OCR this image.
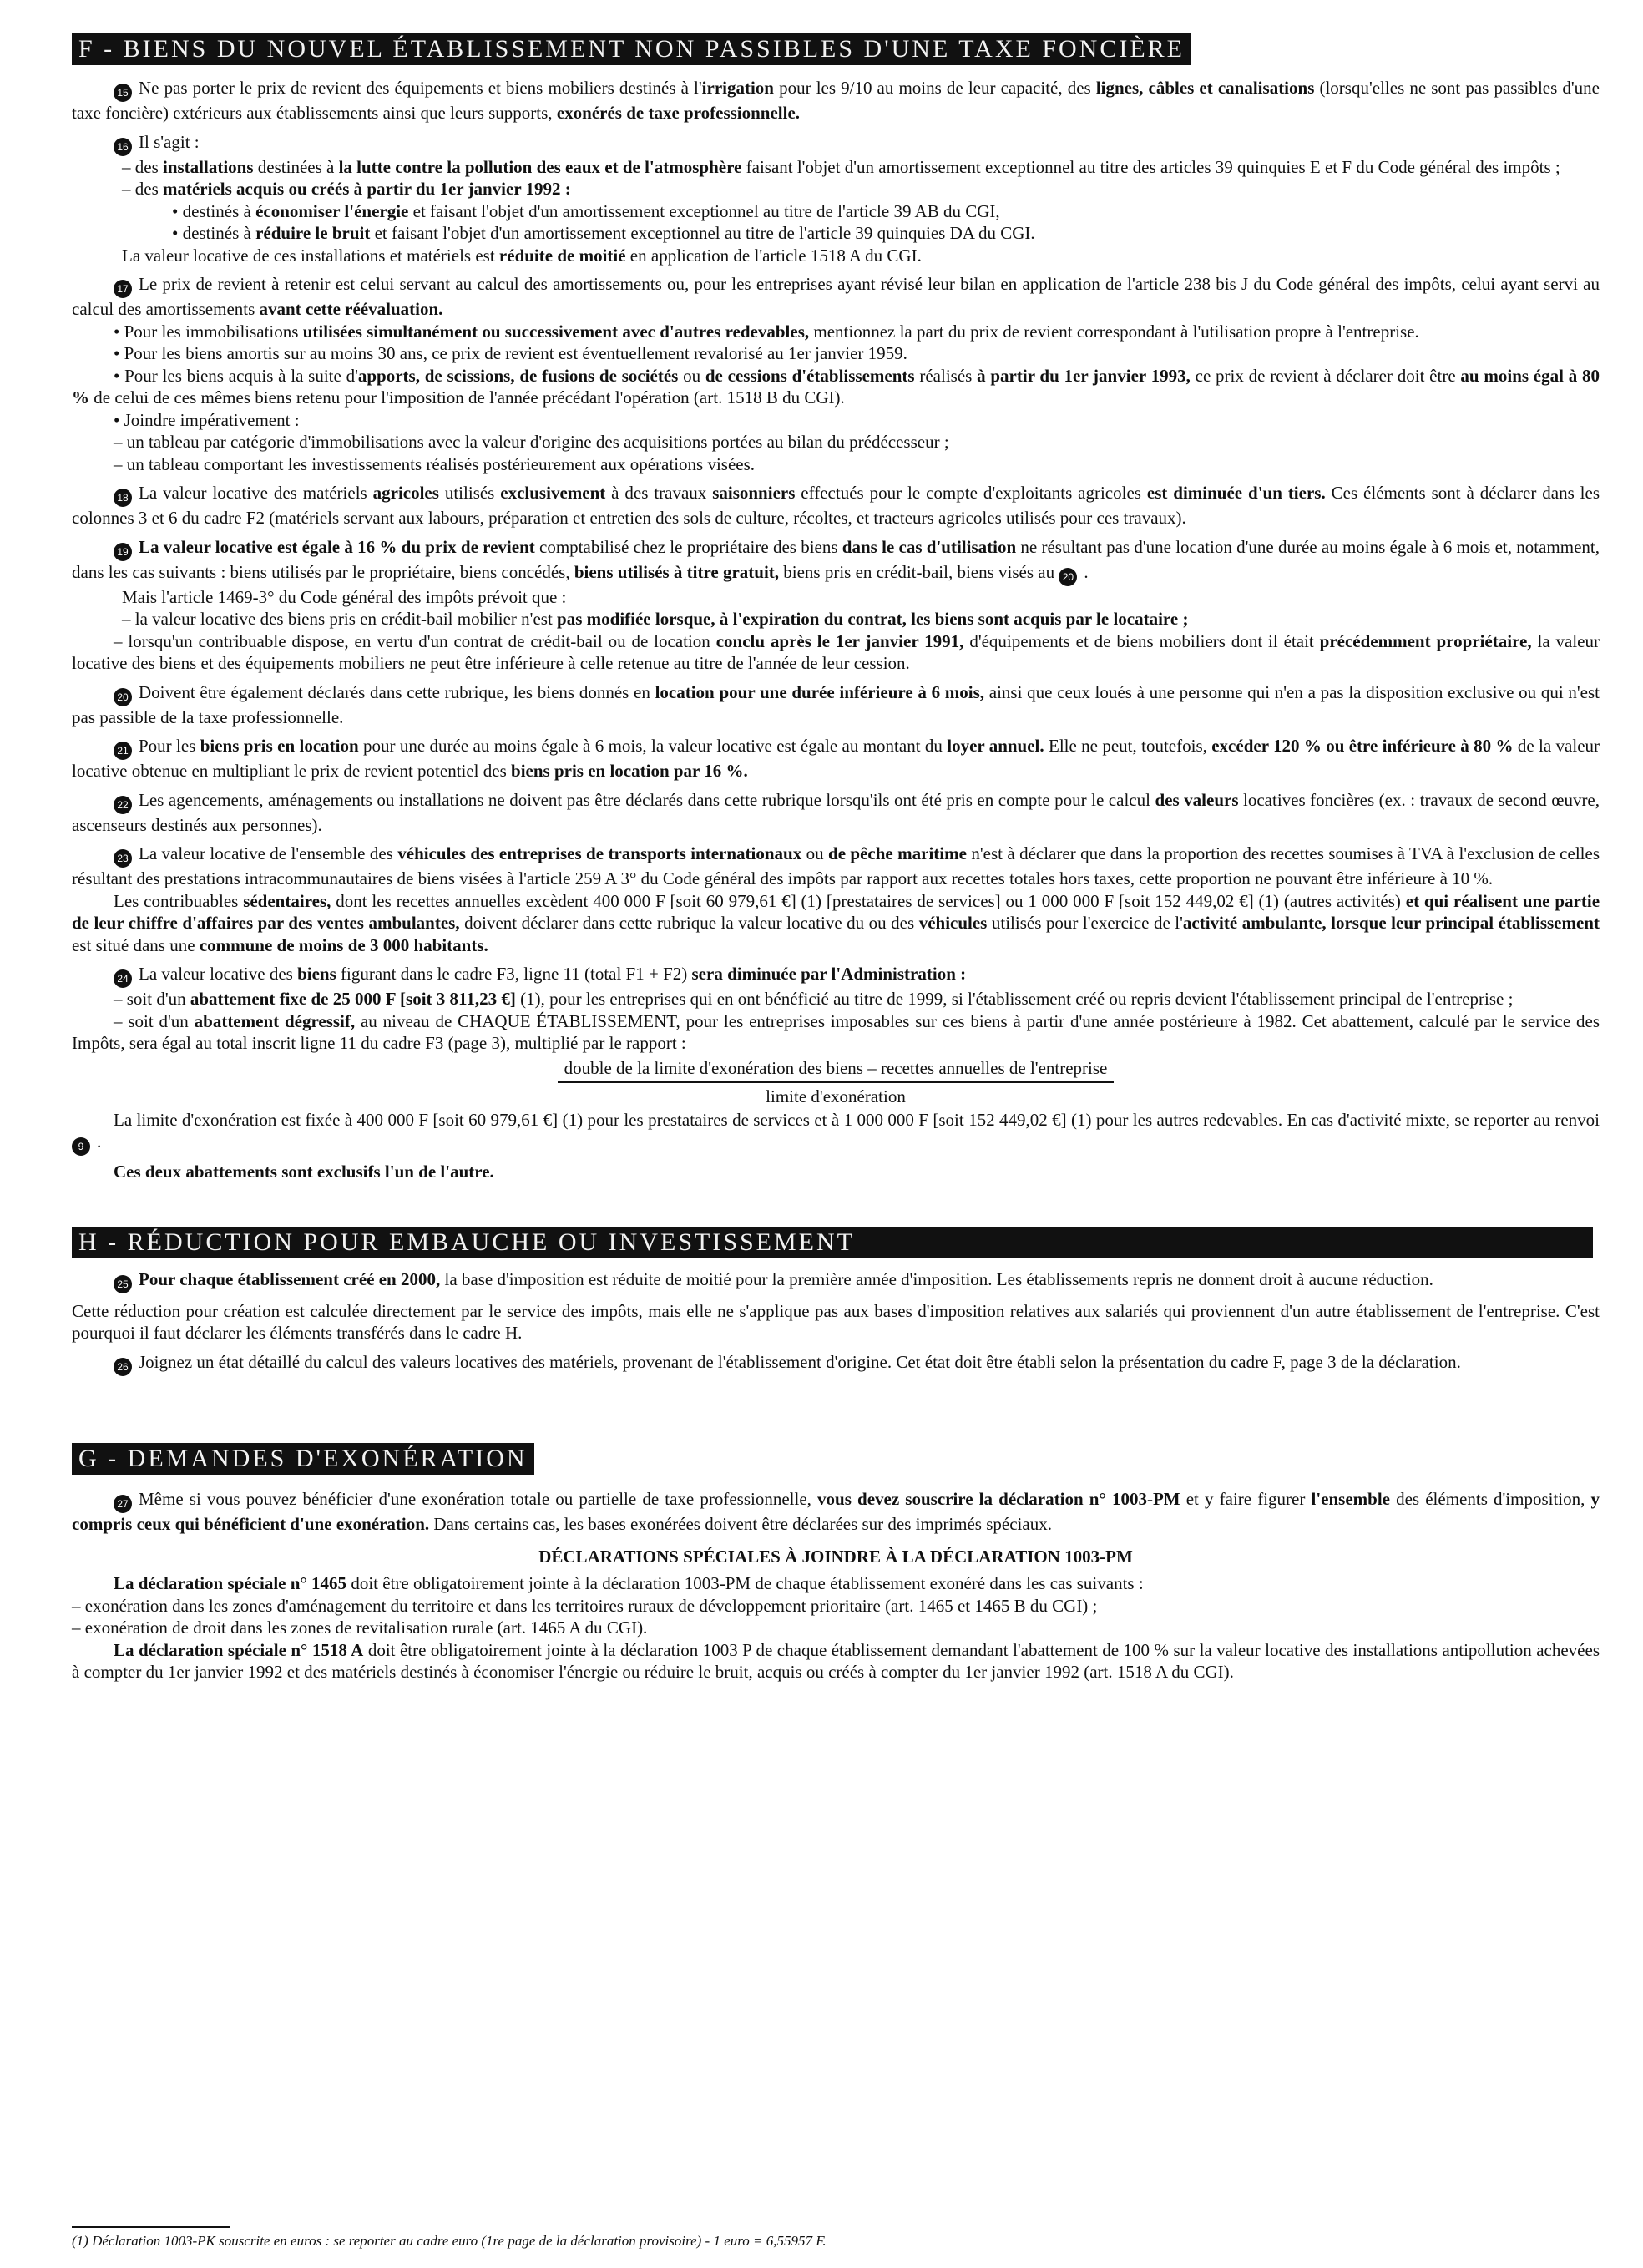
F - BIENS DU NOUVEL ÉTABLISSEMENT NON PASSIBLES D'UNE TAXE FONCIÈRE

15 Ne pas porter le prix de revient des équipements et biens mobiliers destinés à l'irrigation pour les 9/10 au moins de leur capacité, des lignes, câbles et canalisations (lorsqu'elles ne sont pas passibles d'une taxe foncière) extérieurs aux établissements ainsi que leurs supports, exonérés de taxe professionnelle.

16 Il s'agit :

– des installations destinées à la lutte contre la pollution des eaux et de l'atmosphère faisant l'objet d'un amortissement exceptionnel au titre des articles 39 quinquies E et F du Code général des impôts ;

– des matériels acquis ou créés à partir du 1er janvier 1992 :

• destinés à économiser l'énergie et faisant l'objet d'un amortissement exceptionnel au titre de l'article 39 AB du CGI,

• destinés à réduire le bruit et faisant l'objet d'un amortissement exceptionnel au titre de l'article 39 quinquies DA du CGI.

La valeur locative de ces installations et matériels est réduite de moitié en application de l'article 1518 A du CGI.

17 Le prix de revient à retenir est celui servant au calcul des amortissements ou, pour les entreprises ayant révisé leur bilan en application de l'article 238 bis J du Code général des impôts, celui ayant servi au calcul des amortissements avant cette réévaluation.

• Pour les immobilisations utilisées simultanément ou successivement avec d'autres redevables, mentionnez la part du prix de revient correspondant à l'utilisation propre à l'entreprise.

• Pour les biens amortis sur au moins 30 ans, ce prix de revient est éventuellement revalorisé au 1er janvier 1959.

• Pour les biens acquis à la suite d'apports, de scissions, de fusions de sociétés ou de cessions d'établissements réalisés à partir du 1er janvier 1993, ce prix de revient à déclarer doit être au moins égal à 80 % de celui de ces mêmes biens retenu pour l'imposition de l'année précédant l'opération (art. 1518 B du CGI).

• Joindre impérativement :

– un tableau par catégorie d'immobilisations avec la valeur d'origine des acquisitions portées au bilan du prédécesseur ;

– un tableau comportant les investissements réalisés postérieurement aux opérations visées.

18 La valeur locative des matériels agricoles utilisés exclusivement à des travaux saisonniers effectués pour le compte d'exploitants agricoles est diminuée d'un tiers. Ces éléments sont à déclarer dans les colonnes 3 et 6 du cadre F2 (matériels servant aux labours, préparation et entretien des sols de culture, récoltes, et tracteurs agricoles utilisés pour ces travaux).

19 La valeur locative est égale à 16 % du prix de revient comptabilisé chez le propriétaire des biens dans le cas d'utilisation ne résultant pas d'une location d'une durée au moins égale à 6 mois et, notamment, dans les cas suivants : biens utilisés par le propriétaire, biens concédés, biens utilisés à titre gratuit, biens pris en crédit-bail, biens visés au 20 .

Mais l'article 1469-3° du Code général des impôts prévoit que :

– la valeur locative des biens pris en crédit-bail mobilier n'est pas modifiée lorsque, à l'expiration du contrat, les biens sont acquis par le locataire ;

– lorsqu'un contribuable dispose, en vertu d'un contrat de crédit-bail ou de location conclu après le 1er janvier 1991, d'équipements et de biens mobiliers dont il était précédemment propriétaire, la valeur locative des biens et des équipements mobiliers ne peut être inférieure à celle retenue au titre de l'année de leur cession.

20 Doivent être également déclarés dans cette rubrique, les biens donnés en location pour une durée inférieure à 6 mois, ainsi que ceux loués à une personne qui n'en a pas la disposition exclusive ou qui n'est pas passible de la taxe professionnelle.

21 Pour les biens pris en location pour une durée au moins égale à 6 mois, la valeur locative est égale au montant du loyer annuel. Elle ne peut, toutefois, excéder 120 % ou être inférieure à 80 % de la valeur locative obtenue en multipliant le prix de revient potentiel des biens pris en location par 16 %.

22 Les agencements, aménagements ou installations ne doivent pas être déclarés dans cette rubrique lorsqu'ils ont été pris en compte pour le calcul des valeurs locatives foncières (ex. : travaux de second œuvre, ascenseurs destinés aux personnes).

23 La valeur locative de l'ensemble des véhicules des entreprises de transports internationaux ou de pêche maritime n'est à déclarer que dans la proportion des recettes soumises à TVA à l'exclusion de celles résultant des prestations intracommunautaires de biens visées à l'article 259 A 3° du Code général des impôts par rapport aux recettes totales hors taxes, cette proportion ne pouvant être inférieure à 10 %.

Les contribuables sédentaires, dont les recettes annuelles excèdent 400 000 F [soit 60 979,61 €] (1) [prestataires de services] ou 1 000 000 F [soit 152 449,02 €] (1) (autres activités) et qui réalisent une partie de leur chiffre d'affaires par des ventes ambulantes, doivent déclarer dans cette rubrique la valeur locative du ou des véhicules utilisés pour l'exercice de l'activité ambulante, lorsque leur principal établissement est situé dans une commune de moins de 3 000 habitants.

24 La valeur locative des biens figurant dans le cadre F3, ligne 11 (total F1 + F2) sera diminuée par l'Administration :

– soit d'un abattement fixe de 25 000 F [soit 3 811,23 €] (1), pour les entreprises qui en ont bénéficié au titre de 1999, si l'établissement créé ou repris devient l'établissement principal de l'entreprise ;

– soit d'un abattement dégressif, au niveau de CHAQUE ÉTABLISSEMENT, pour les entreprises imposables sur ces biens à partir d'une année postérieure à 1982. Cet abattement, calculé par le service des Impôts, sera égal au total inscrit ligne 11 du cadre F3 (page 3), multiplié par le rapport :

double de la limite d'exonération des biens – recettes annuelles de l'entreprise
limite d'exonération

La limite d'exonération est fixée à 400 000 F [soit 60 979,61 €] (1) pour les prestataires de services et à 1 000 000 F [soit 152 449,02 €] (1) pour les autres redevables. En cas d'activité mixte, se reporter au renvoi 9 .

Ces deux abattements sont exclusifs l'un de l'autre.

H - RÉDUCTION POUR EMBAUCHE OU INVESTISSEMENT

25 Pour chaque établissement créé en 2000, la base d'imposition est réduite de moitié pour la première année d'imposition. Les établissements repris ne donnent droit à aucune réduction.

Cette réduction pour création est calculée directement par le service des impôts, mais elle ne s'applique pas aux bases d'imposition relatives aux salariés qui proviennent d'un autre établissement de l'entreprise. C'est pourquoi il faut déclarer les éléments transférés dans le cadre H.

26 Joignez un état détaillé du calcul des valeurs locatives des matériels, provenant de l'établissement d'origine. Cet état doit être établi selon la présentation du cadre F, page 3 de la déclaration.

G - DEMANDES D'EXONÉRATION

27 Même si vous pouvez bénéficier d'une exonération totale ou partielle de taxe professionnelle, vous devez souscrire la déclaration n° 1003-PM et y faire figurer l'ensemble des éléments d'imposition, y compris ceux qui bénéficient d'une exonération. Dans certains cas, les bases exonérées doivent être déclarées sur des imprimés spéciaux.

DÉCLARATIONS SPÉCIALES À JOINDRE À LA DÉCLARATION 1003-PM

La déclaration spéciale n° 1465 doit être obligatoirement jointe à la déclaration 1003-PM de chaque établissement exonéré dans les cas suivants :

– exonération dans les zones d'aménagement du territoire et dans les territoires ruraux de développement prioritaire (art. 1465 et 1465 B du CGI) ;

– exonération de droit dans les zones de revitalisation rurale (art. 1465 A du CGI).

La déclaration spéciale n° 1518 A doit être obligatoirement jointe à la déclaration 1003 P de chaque établissement demandant l'abattement de 100 % sur la valeur locative des installations antipollution achevées à compter du 1er janvier 1992 et des matériels destinés à économiser l'énergie ou réduire le bruit, acquis ou créés à compter du 1er janvier 1992 (art. 1518 A du CGI).

(1) Déclaration 1003-PK souscrite en euros : se reporter au cadre euro (1re page de la déclaration provisoire) - 1 euro = 6,55957 F.
